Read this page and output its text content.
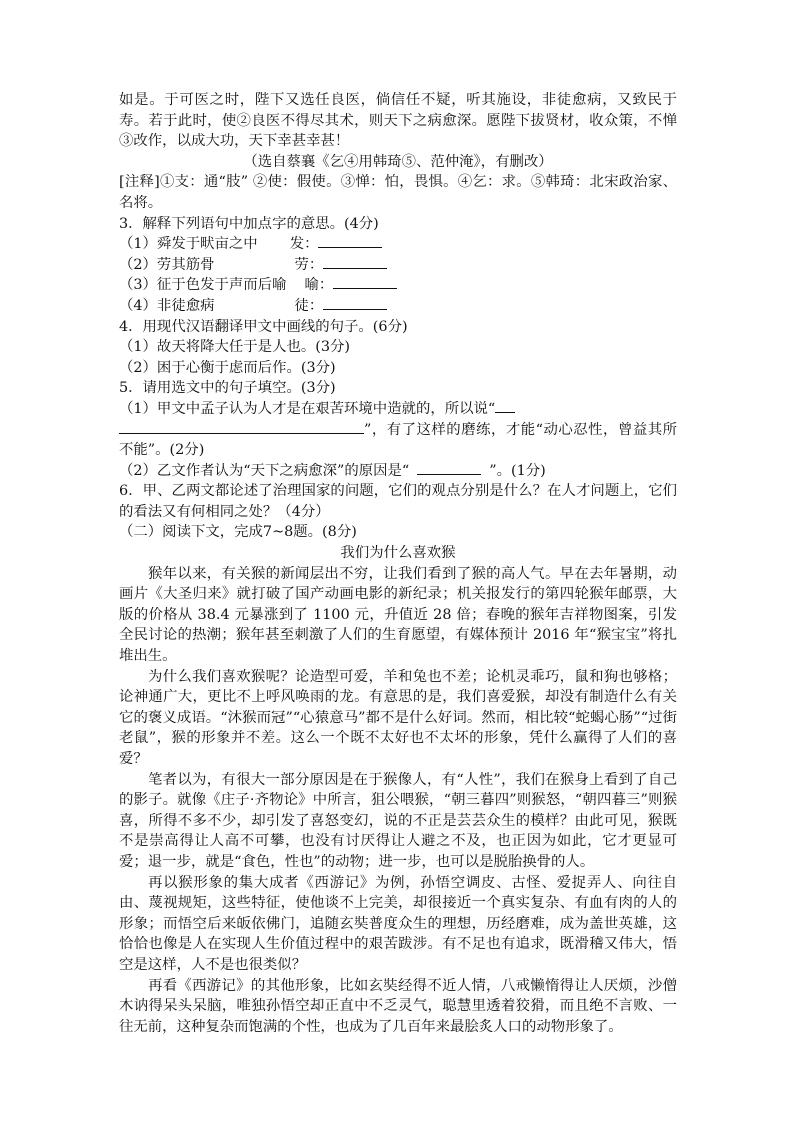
如是。于可医之时，陛下又选任良医，倘信任不疑，听其施设，非徒愈病，又致民于寿。若于此时，使②良医不得尽其术，则天下之病愈深。愿陛下拔贤材，收众策，不惮③改作，以成大功，天下幸甚幸甚！

（选自蔡襄《乞④用韩琦⑤、范仲淹》，有删改）

[注释]①支：通“肢” ②使：假使。③惮：怕，畏惧。④乞：求。⑤韩琦：北宋政治家、名将。

3．解释下列语句中加点字的意思。(4分)

（1）舜发于畎亩之中 发：

（2）劳其筋骨	劳：

（3）征于色发于声而后喻 喻：

（4）非徒愈病	徒：

4．用现代汉语翻译甲文中画线的句子。(6分)

（1）故天将降大任于是人也。(3分)

（2）困于心衡于虑而后作。(3分)

5．请用选文中的句子填空。(3分)

（1）甲文中孟子认为人才是在艰苦环境中造就的，所以说“
”，有了这样的磨练，才能“动心忍性，曾益其所不能”。(2分)

（2）乙文作者认为“天下之病愈深”的原因是“	”。(1分)

6．甲、乙两文都论述了治理国家的问题，它们的观点分别是什么？在人才问题上，它们的看法又有何相同之处？（4分）

（二）阅读下文，完成7~8题。(8分)

我们为什么喜欢猴

猴年以来，有关猴的新闻层出不穷，让我们看到了猴的高人气。早在去年暑期，动画片《大圣归来》就打破了国产动画电影的新纪录；机关报发行的第四轮猴年邮票，大版的价格从 38.4 元暴涨到了 1100 元，升值近 28 倍；春晚的猴年吉祥物图案，引发全民讨论的热潮；猴年甚至刺激了人们的生育愿望，有媒体预计 2016 年“猴宝宝”将扎堆出生。

为什么我们喜欢猴呢？论造型可爱，羊和兔也不差；论机灵乖巧，鼠和狗也够格；论神通广大，更比不上呼风唤雨的龙。有意思的是，我们喜爱猴，却没有制造什么有关它的褒义成语。“沐猴而冠”“心猿意马”都不是什么好词。然而，相比较“蛇蝎心肠”“过街老鼠”，猴的形象并不差。这么一个既不太好也不太坏的形象，凭什么赢得了人们的喜爱？

笔者以为，有很大一部分原因是在于猴像人，有“人性”，我们在猴身上看到了自己的影子。就像《庄子·齐物论》中所言，狙公喂猴，“朝三暮四”则猴怒，“朝四暮三”则猴喜，所得不多不少，却引发了喜怒变幻，说的不正是芸芸众生的模样？由此可见，猴既不是崇高得让人高不可攀，也没有讨厌得让人避之不及，也正因为如此，它才更显可爱；退一步，就是“食色，性也”的动物；进一步，也可以是脱胎换骨的人。

再以猴形象的集大成者《西游记》为例，孙悟空调皮、古怪、爱捉弄人、向往自由、蔑视规矩，这些特征，使他谈不上完美，却很接近一个真实复杂、有血有肉的人的形象；而悟空后来皈依佛门，追随玄奘普度众生的理想，历经磨难，成为盖世英雄，这恰恰也像是人在实现人生价值过程中的艰苦跋涉。有不足也有追求，既滑稽又伟大，悟空是这样，人不是也很类似？

再看《西游记》的其他形象，比如玄奘经得不近人情，八戒懒惰得让人厌烦，沙僧木讷得呆头呆脑，唯独孙悟空却正直中不乏灵气，聪慧里透着狡猾，而且绝不言败、一往无前，这种复杂而饱满的个性，也成为了几百年来最脍炙人口的动物形象了。
